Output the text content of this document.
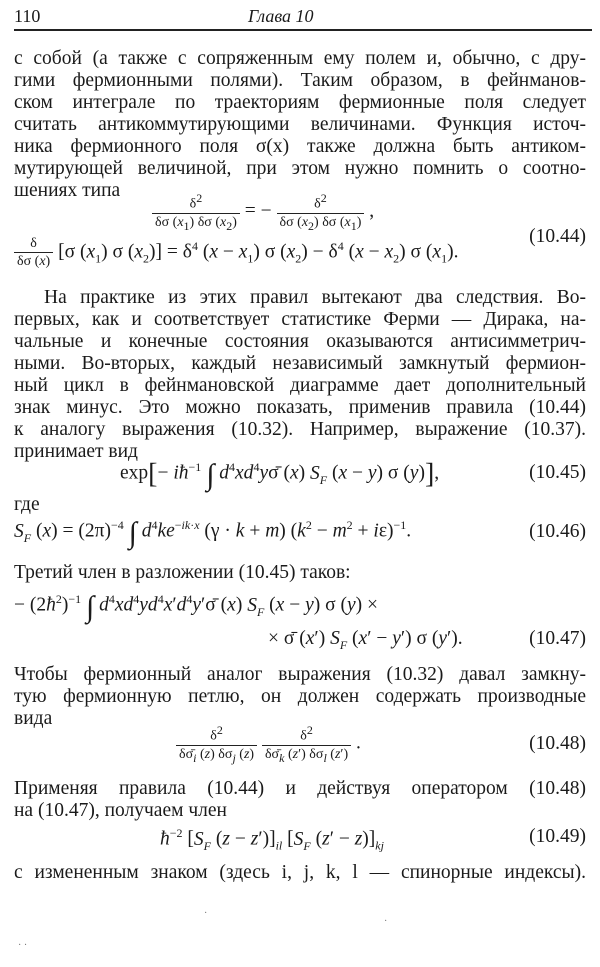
110	Глава 10
с собой (а также с сопряженным ему полем и, обычно, с дру-
гими фермионными полями). Таким образом, в фейнманов-
ском интеграле по траекториям фермионные поля следует
считать антикоммутирующими величинами. Функция источ-
ника фермионного поля σ(x) также должна быть антиком-
мутирующей величиной, при этом нужно помнить о соотно-
шениях типа	$\frac{\delta^2}{\delta\sigma (x_1) \delta\sigma (x_2)}$ = − $\frac{\delta^2}{\delta\sigma (x_2) \delta\sigma (x_1)}$ ,
$\frac{\delta}{\delta\sigma (x)} [\sigma$ $(x_1)$ σ $(x_2)] = \delta^4$ $(x - x_1)$ σ $(x_2) - \delta^4$ $(x - x_2)$ σ $(x_1)$.
(10.44)
На практике из этих правил вытекают два следствия. Во-
первых, как и соответствует статистике Ферми — Дирака, на-
чальные и конечные состояния оказываются антисимметрич-
ными. Во-вторых, каждый независимый замкнутый фермион-
ный цикл в фейнмановской диаграмме дает дополнительный
знак минус. Это можно показать, применив правила (10.44)
к аналогу выражения (10.32). Например, выражение (10.37).
принимает вид
$\exp[- iħ^{-1}$ ∫ $d^4xd^4y\sigmā$ (x) $S_F$ (x − y) σ (y)],	(10.45)
где
$S_F$ $(x) = (2\pi)^{-4}$ ∫ $d^4ke^{-ik\cdot x}$ (γ · k + m) $(k^2 - m^2 + i\varepsilon)^{-1}$.	(10.46)
Третий член в разложении (10.45) таков:
− $(2ħ^2)^{-1}$ ∫ $d^4xd^4yd^4x'd^4y'\sigmā$ (x) $S_F$ (x − y) σ (y) ×
× σ̄ (x′) $S_F$ (x′ − y′) σ (y′).	(10.47)
Чтобы фермионный аналог выражения (10.32) давал замкну-
тую фермионную петлю, он должен содержать производные
вида
$\frac{\delta^2}{\delta\sigmā_i (z) \delta\sigma_j (z)}$
$\frac{\delta^2}{\delta\sigmā_k (z') \delta\sigma_l (z')}$ .	(10.48)
Применяя правила (10.44) и действуя оператором (10.48)
на (10.47), получаем член
$ħ^{-2}$ [$S_F$ $(z - z')]_{il}$ [$S_F$ $(z' - z)]_{kj}$	(10.49)
с измененным знаком (здесь i, j, k, l — спинорные индексы).
·
·
· ·
